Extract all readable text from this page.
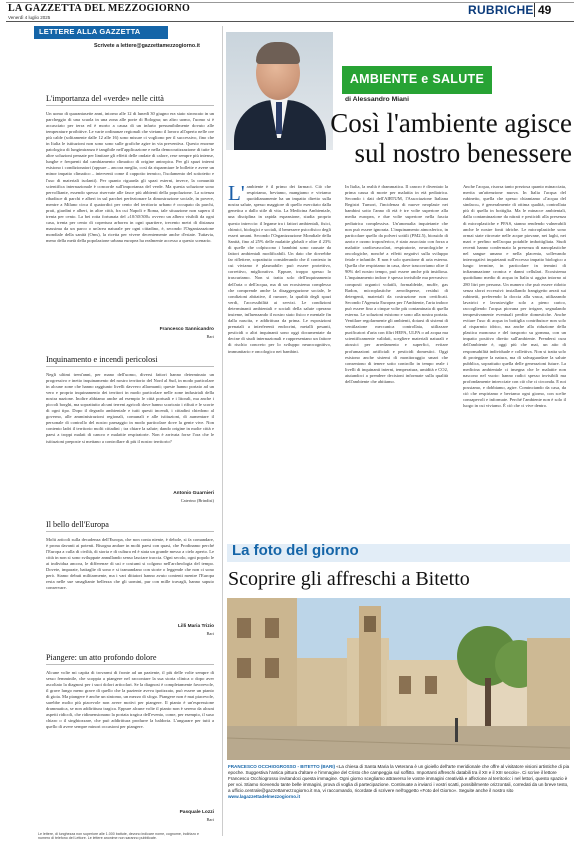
LA GAZZETTA DEL MEZZOGIORNO
Venerdì 4 luglio 2025
RUBRICHE 49
LETTERE ALLA GAZZETTA
Scrivete a lettere@gazzettamezzogiorno.it
L'importanza del «verde» nelle città
Un uomo di quarantasette anni, intorno alle 12 di lunedì 30 giugno era stato stroncato in un parcheggio di una scuola in una zona alle porte di Bologna; un altro uomo, l'uomo si è accasciato per terra ed è morto a causa di un infarto presumibilmente dovuto alle temperature proibitive. Le varie ordinanze regionali che vietano il lavoro all'aperto nelle ore più calde (solitamente dalle 12 alle 16) sono misure ci vogliono per il successivo, fino che in Italia le istituzioni non sono sono sulle grafiche agire in via preventiva. Questo enorme patologica di lungimiranza è tangibile nell'applicazione e nella democratizzazione di tutte le altre soluzioni pensate per limitare gli effetti delle ondate di calore, rese sempre più intense, lunghe e frequenti dal cambiamento climatico di origine antropica. Per gli spazi interni esistono i condizionatori (oppure – ancora meglio, così da risparmiare le bollette e avere un minor impatto climatico – interventi come il cappotto termico, l'isolamento del sottotetto e l'uso di materiali isolanti). Per quanto riguarda gli spazi esterni, invece, la comunità scientifica internazionale è concorde sull'importanza del verde. Ma questa soluzione sono pervolliante, essendo spesso riservate alle fasce più abbienti della popolazione. La scienza ribadisce di parchi e alberi in sul parchet perfezionare la dimostrazione sociale, in povere, mentre a Milano circa il quatordici per cento del territorio urbano è occupato da parchi, prati, giardini e alberi, in altre città, fra cui Napoli e Roma, tale situazione non supera il trenta per cento. La bei rotta fortunata del «10/30/300» ovvero un albero visibili da ogni casa, trenta per cento di copertura arborea in ogni quartiere, trecento metri di distanza massima da un parco o un'area naturale per ogni cittadino, è, secondo l'Organizzazione mondiale della sanità (Oms), la ricetta per vivere decentemente anche d'estate. Tuttavia, meno della metà della popolazione urbana europea ha realmente accesso a questo scenario.
Francesco Sannicandro
Bari
Inquinamento e incendi pericolosi
Negli ultimi trent'anni, per mano dell'uomo, diversi fattori hanno determinato un progressivo e inetto inquinamento del nostro territorio del Nord al Sud, in modo particolare in alcune zone che hanno raggiunto livelli davvero allarmanti; queste hanno portato ad un vero e proprio inquinamento dei territori in modo particolare nelle zone industriali della nostra nazione. Inoltre abbiamo anche ad esempio le città portuali e i litorali, ma anche i piccoli borghi, ma soprattutto alcuni terreni agricoli dove hanno scaricato i rifiuti e le scorie di ogni tipo. Dopo il degrado ambientale e tutti questi incendi, i cittadini chiedono al governo, alle amministrazioni regionali, comunali e alle istituzioni, di aumentare il personale di controllo del nostro paesaggio in modo particolare dove la gente vive. Non contento ladri il territorio molti cittadini ; tra chiare la salute; dando origine in molte città e paesi a troppi malati di cancro e malattie respiratorie. Non è arrivata forse l'ora che le istituzioni preposte si mettano a controllare di più il nostro territorio?
Antonio Guarnieri
Caterino (Brindisi)
Il bello dell'Europa
Molti articoli sulla decadenza dell'Europa, che non conta niente, è debole, si fa comandare, è prona davanti ai potenti. Bisogna andare in molti paesi con quasi, che Prodinamo perché l'Europa a culla di civiltà, di storia e di cultura ed è stata un grande messo a cielo aperto. Le città in non si sono sviluppate annullando senso lasciare traccia. Ogni secolo, ogni popolo le ai individua ancora, le differenze di usi e costumi si colgono nell'archeologia del tempo. Dovete, imparate, battaglie di sono e si tramandano con storie o leggende che non ci sono però. Siamo debuti militarmente, ma i vari dittatori hanno avuto contenti mentre l'Europa resta nelle sue smagliante bellezza che gli uomini, pur con mille travagli, hanno saputo conservare.
Lilli Maria Trizio
Bari
Piangere: un atto profondo dolore
Alcune volte mi capita di trovarmi di fronte ad un paziente, il più delle volte sempre di sesso femminile, che scoppia a piangere nel raccontare la sua storia clinica o dopo aver ascoltato la diagnosi per i suoi dolori articolari. Se la diagnosi è completamente favorevole, il grave lungo meno grave di quello che la paziente aveva ipotizzato, può essere un pianto di gioia. Ma piangere è anche un sintomo, un mezzo di sfogo. Piangere non è mai piacevole, sarebbe molto più piacevole non avere motivi per piangere. Il pianto è un'espressione drammatica, se non addirittura tragica. Eppure alcune volte il pianto non è sereno da alcuni aspetti ridicoli, che ridimensionano la portata tragica dell'evento, come, per esempio, il suso chiaro o il singhiozzare, che può addirittura produrre la baldoria. L'angurare per tutti a quello di avere sempre minori occasioni per piangere.
Pasquale Lozzi
Bari
Le lettere, di lunghezza non superiore alle 1.000 battute, devono indicare nome, cognome, indirizzo e numero di telefono del Lettore. Le lettere anonime non saranno pubblicate.
AMBIENTE e SALUTE
di Alessandro Miani
Così l'ambiente agisce
sul nostro benessere
L' ambiente è il primo dei farmaci. Ciò che respiriamo, beviamo, mangiamo e viviamo quotidianamente ha un impatto diretto sulla nostra salute, spesso maggiore di quello esercitato dalla genetica o dallo stile di vita. La Medicina Ambientale, una disciplina in rapida espansione, studia proprio questo intreccio: il legame tra i fattori ambientali, fisici, chimici, biologici e sociali, il benessere psicofisico degli esseri umani. Secondo l'Organizzazione Mondiale della Sanità, fino al 25% delle malattie globali e oltre il 23% di quelle che colpiscono i bambini sono causate da fattori ambientali modificabili. Un dato che dovrebbe far riflettere, soprattutto considerando che il contesto in cui viviamo è plasmabile: può essere protettivo, correttivo, migliorativo. Eppure, troppo spesso lo trascuriamo. Non si tratta solo dell'inquinamento dell'aria o dell'acqua, ma di un ecosistema complesso che comprende anche la disaggregazione sociale, le condizioni abitative, il rumore, la qualità degli spazi verdi, l'accessibilità ai servizi. Le condizioni determinanti ambientali e sociali della salute operano insieme, influenzando il nostro stato fisico e mentale fin dalla nascita, e addirittura da prima. Le esposizioni prenatali a interferenti endocrini, metalli pesanti, pesticidi o altri inquinanti sono oggi documentate da decine di studi internazionali e rappresentano un fattore di rischio concreto per lo sviluppo neurocognitivo, immunitario e oncologico nei bambini.
In Italia, la realtà è drammatica. Il cancro è diventato la prima causa di morte per malattia in età pediatrica. Secondo i dati dell'AIRTUM, l'Associazione Italiana Registri Tumori, l'incidenza di nuove neoplasie nei bambini sotto l'anno di età è tre volte superiore alla media europea, e due volte superiore nella fascia pediatrica complessiva. Un'anomalia inquietante che non può essere ignorata. L'inquinamento atmosferico, in particolare quello da polveri sottili (PM2.5), biossido di azoto e ozono troposferico, è stato associato con forza a malattie cardiovascolari, respiratorie, neurologiche e oncologiche, nonché a effetti negativi sulla sviluppo fetale e infantile. E non è solo questione di aria esterna. Quella che respiriamo in casa, dove trascorriamo oltre il 90% del nostro tempo, può essere anche più insidiosa. L'inquinamento indoor è spesso invisibile ma pervasivo: composti organici volatili, formaldeide, muffe, gas Radon, microplastiche aerodisperse, residui di detergenti, materiali da costruzione non certificati. Secondo l'Agenzia Europea per l'Ambiente, l'aria indoor può essere fino a cinque volte più contaminata di quella esterna. Le soluzioni esistono e sono alla nostra portata. Ventilare regolarmente gli ambienti, dotarsi di sistemi di ventilazione meccanica controllata, utilizzare purificatori d'aria con filtri HEPA, ULPA o ad acqua ma scientificamente validati, scegliere materiali naturali e atossici per arredamento e superfici, evitare profumazioni artificiali e pesticidi domestici. Oggi esistono anche sistemi di monitoraggio smart che consentono di tenere sotto controllo in tempo reale i livelli di inquinanti interni, temperatura, umidità e CO2, aiutandoci a prendere decisioni informate sulla qualità dell'ambiente che abitiamo.
Anche l'acqua, risorsa tanto preziosa quanto minacciata, merita un'attenzione nuova. In Italia l'acqua del rubinetto, quella che spesso chiamiamo «l'acqua del sindaco», è generalmente di ottima qualità, controllata più di quella in bottiglia. Ma le minacce ambientali, dalla contaminazione da nitrati e pesticidi alla presenza di microplastiche e PFAS, stanno rendendo vulnerabili anche le nostre fonti idriche. Le microplastiche sono ormai state ritrovate nelle acque piovane, nei laghi, nei mari e perfino nell'acqua potabile imbottigliata. Studi recenti hanno confermato la presenza di nanoplastiche nel sangue umano e nella placenta, sollevando interrogativi inquietanti sull'eccesso impatto biologico a lungo termine, in particolare in termini di infiammazione cronica e danni cellulari. Ecosistema quotidiano medio di acqua in Italia si aggira intorno ai 280 litri per persona. Un numero che può essere ridotto senza sforzi eccessivi: installando frangigetto aerati sui rubinetti, preferendo la doccia alla vasca, utilizzando lavatrici e lavastoviglie solo a pieno carico, raccogliendo l'acqua piovana per irrigare, segnalando tempestivamente eventuali perdite domestiche. Anche evitare l'uso di acqua in bottiglia contribuisce non solo al risparmio idrico, ma anche alla riduzione della plastica monouso e del trasporto su gomma, con un impatto positivo diretto sull'ambiente. Prendersi cura dell'ambiente è, oggi più che mai, un atto di responsabilità individuale e collettiva. Non si tratta solo di proteggere la natura, ma di salvaguardare la salute pubblica, soprattutto quella delle generazioni future. La medicina ambientale ci insegna che le malattie non nascono nel vuoto: hanno radici spesso invisibili ma profondamente intrecciate con ciò che ci circonda. E noi possiamo, e dobbiamo, agire. Cominciando da casa, da ciò che respiriamo e beviamo ogni giorno, con scelte consapevoli e informate. Perché l'ambiente non è solo il luogo in cui viviamo. È ciò che ci vive dentro.
La foto del giorno
Scoprire gli affreschi a Bitetto
FRANCESCO OCCHIOGROSSO - BITETTO (BARI) «La chiesa di Santa Maria la Veterana è un gioiello dell'arte meridionale che offre al visitatore visioni artistiche di pia epoche. Suggestiva l'antica pittura d'altare e l'immagine del Cristo che campeggia sul soffitto. Importanti affreschi databili tra il XII e il XIII secolo». Ci scrive il lettore Francesco Occhiogrosso invitandoci questa immagine. Ogni giorno scegliamo attraverso le vostre immagini creatività e affezione al territorio: i nel lettori, questo spazio è per voi. Stiamo ricevendo tante belle immagini, prova di voglia di partecipazione. Continuate a inviarci i vostri scatti, possibilmente orizzontali, corredati da un breve testo, a ufficio.centrale@gazzettamezzogiorno.it ma, vi raccomando, ricordate di scrivere nell'oggetto «Foto del Giorno». Seguite anche il nostro sito www.lagazzettadelmezzogiorno.it
